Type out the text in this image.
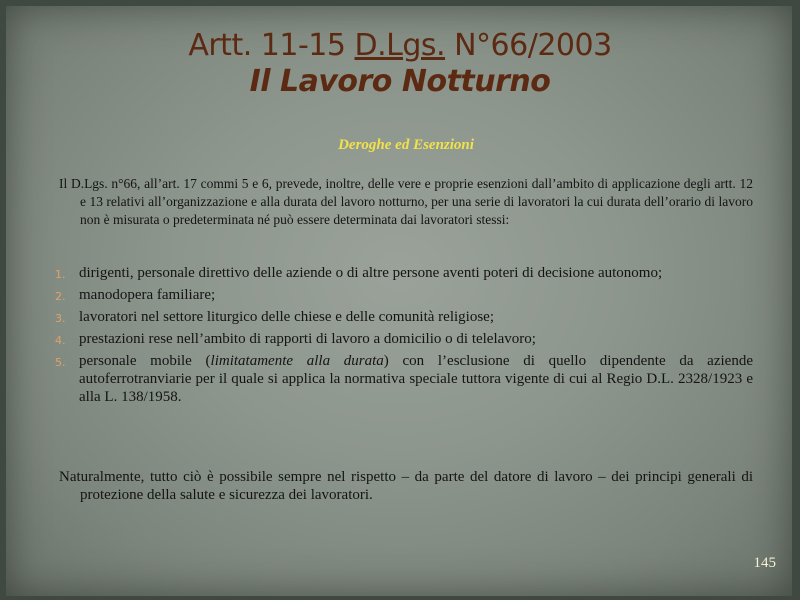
Artt. 11-15 D.Lgs. N°66/2003
Il Lavoro Notturno
Deroghe ed Esenzioni
Il D.Lgs. n°66, all’art. 17 commi 5 e 6, prevede, inoltre, delle vere e proprie esenzioni dall’ambito di applicazione degli artt. 12 e 13 relativi all’organizzazione e alla durata del lavoro notturno, per una serie di lavoratori la cui durata dell’orario di lavoro non è misurata o predeterminata né può essere determinata dai lavoratori stessi:
1. dirigenti, personale direttivo delle aziende o di altre persone aventi poteri di decisione autonomo;
2. manodopera familiare;
3. lavoratori nel settore liturgico delle chiese e delle comunità religiose;
4. prestazioni rese nell’ambito di rapporti di lavoro a domicilio o di telelavoro;
5. personale mobile (limitatamente alla durata) con l’esclusione di quello dipendente da aziende autoferrotranviarie per il quale si applica la normativa speciale tuttora vigente di cui al Regio D.L. 2328/1923 e alla L. 138/1958.
Naturalmente, tutto ciò è possibile sempre nel rispetto – da parte del datore di lavoro – dei principi generali di protezione della salute e sicurezza dei lavoratori.
145
